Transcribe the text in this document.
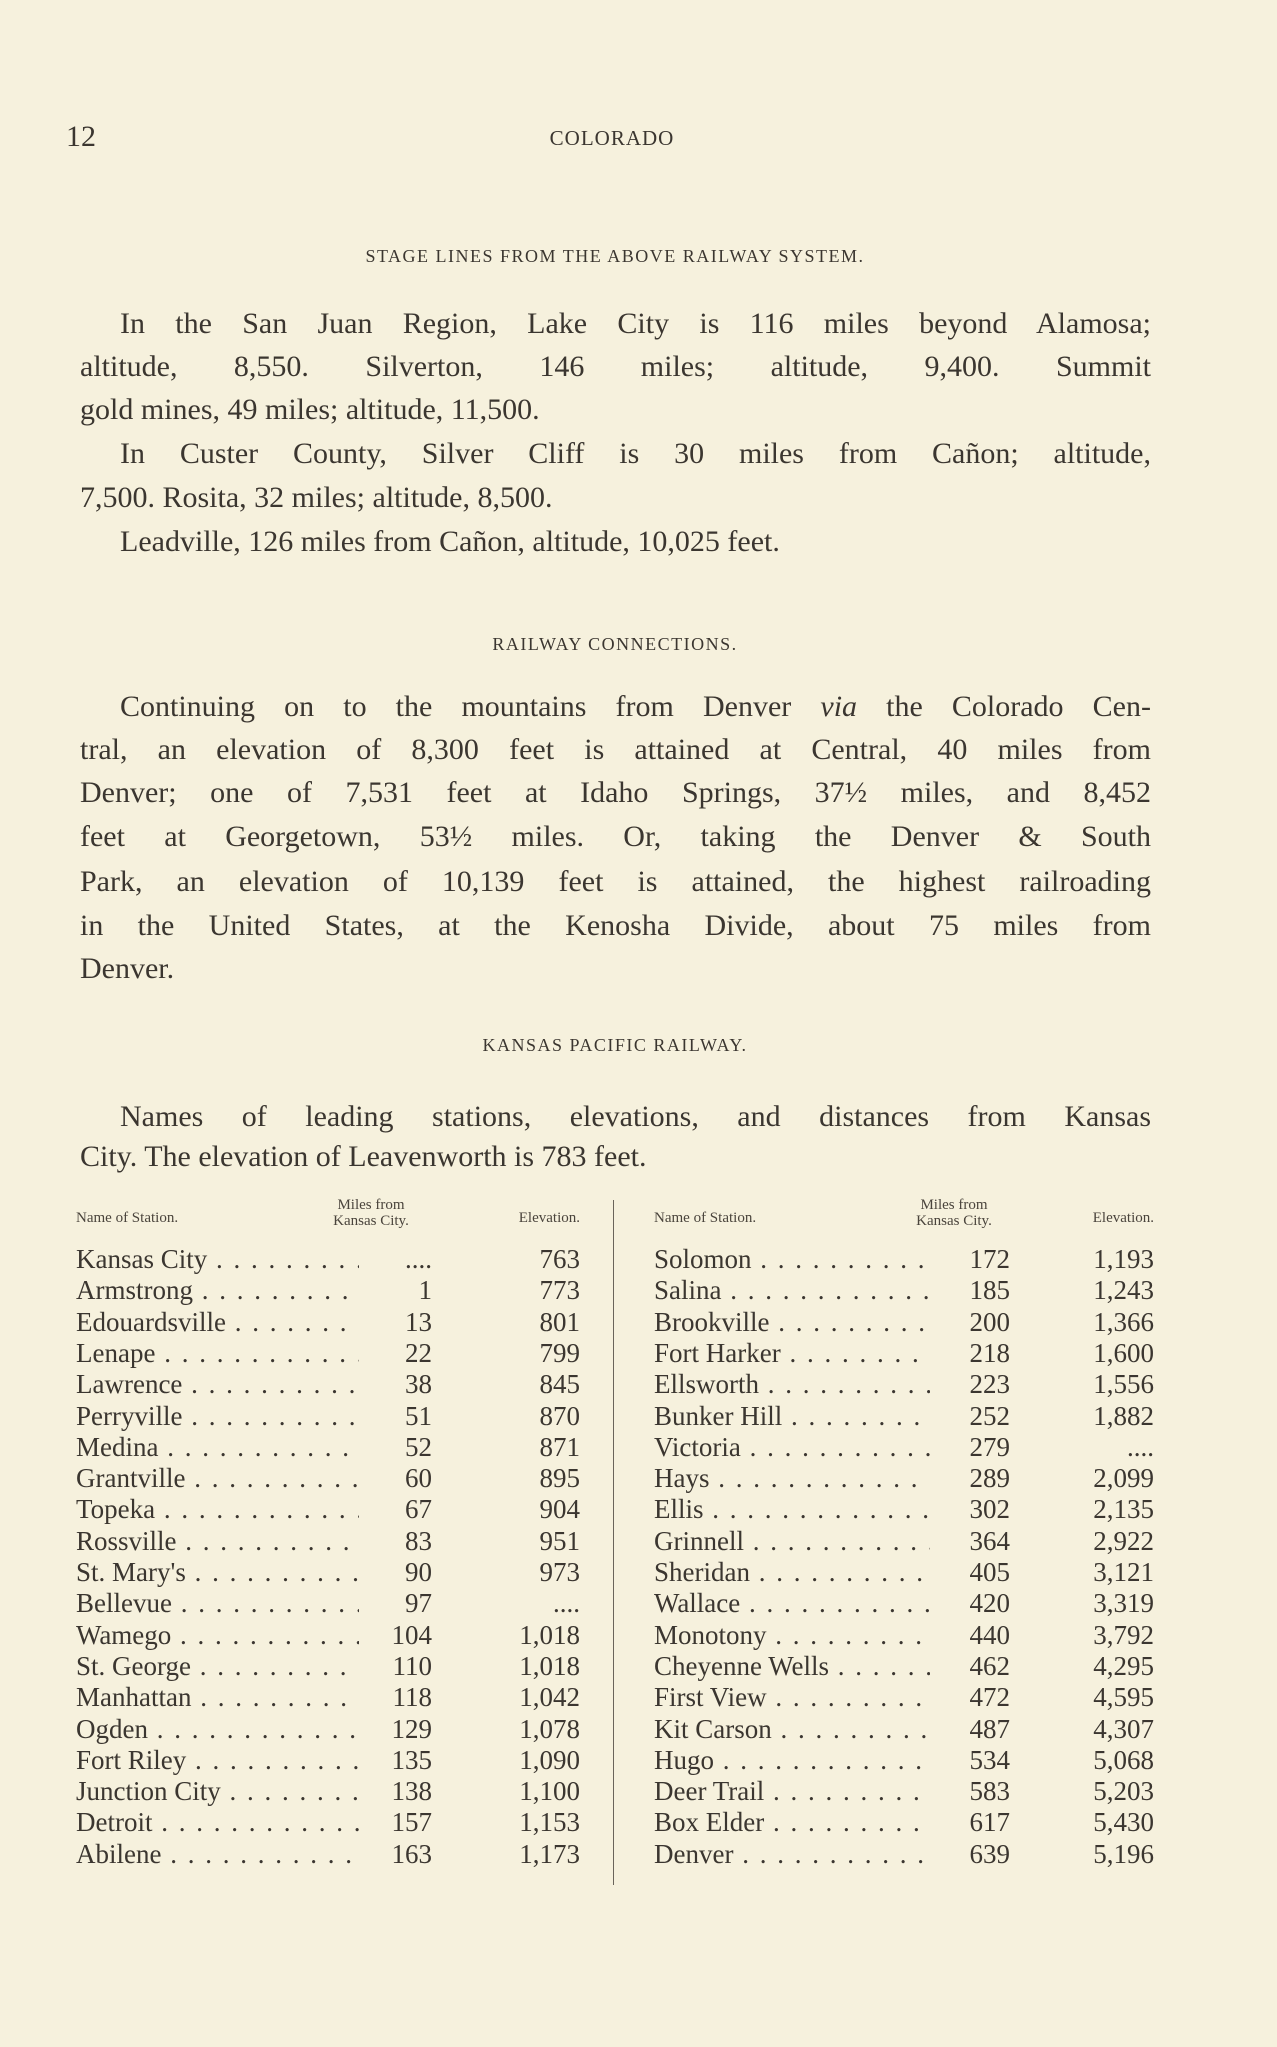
12	COLORADO
STAGE LINES FROM THE ABOVE RAILWAY SYSTEM.
In the San Juan Region, Lake City is 116 miles beyond Alamosa;
altitude, 8,550. Silverton, 146 miles; altitude, 9,400. Summit
gold mines, 49 miles; altitude, 11,500.
In Custer County, Silver Cliff is 30 miles from Cañon; altitude,
7,500. Rosita, 32 miles; altitude, 8,500.
Leadville, 126 miles from Cañon, altitude, 10,025 feet.
RAILWAY CONNECTIONS.
Continuing on to the mountains from Denver via the Colorado Cen-
tral, an elevation of 8,300 feet is attained at Central, 40 miles from
Denver; one of 7,531 feet at Idaho Springs, 37½ miles, and 8,452
feet at Georgetown, 53½ miles. Or, taking the Denver & South
Park, an elevation of 10,139 feet is attained, the highest railroading
in the United States, at the Kenosha Divide, about 75 miles from
Denver.
KANSAS PACIFIC RAILWAY.
Names of leading stations, elevations, and distances from Kansas
City. The elevation of Leavenworth is 783 feet.
Name of Station.
Miles from
Kansas City.	Elevation.
Kansas City . . .	....	763
Armstrong . . .	1	773
Edouardsville . . .	13	801
Lenape . . .	22	799
Lawrence . . .	38	845
Perryville . . .	51	870
Medina . . .	52	871
Grantville . . .	60	895
Topeka . . .	67	904
Rossville . . .	83	951
St. Mary's . . .	90	973
Bellevue . . .	97	....
Wamego . . .	104	1,018
St. George . . .	110	1,018
Manhattan . . .	118	1,042
Ogden . . .	129	1,078
Fort Riley . . .	135	1,090
Junction City . . .	138	1,100
Detroit . . .	157	1,153
Abilene . . .	163	1,173
Name of Station.
Miles from
Kansas City.	Elevation.
Solomon . . .	172	1,193
Salina . . .	185	1,243
Brookville . . .	200	1,366
Fort Harker . . .	218	1,600
Ellsworth . . .	223	1,556
Bunker Hill . . .	252	1,882
Victoria . . .	279	....
Hays . . .	289	2,099
Ellis . . .	302	2,135
Grinnell . . .	364	2,922
Sheridan . . .	405	3,121
Wallace . . .	420	3,319
Monotony . . .	440	3,792
Cheyenne Wells . . .	462	4,295
First View . . .	472	4,595
Kit Carson . . .	487	4,307
Hugo . . .	534	5,068
Deer Trail . . .	583	5,203
Box Elder . . .	617	5,430
Denver . . .	639	5,196
